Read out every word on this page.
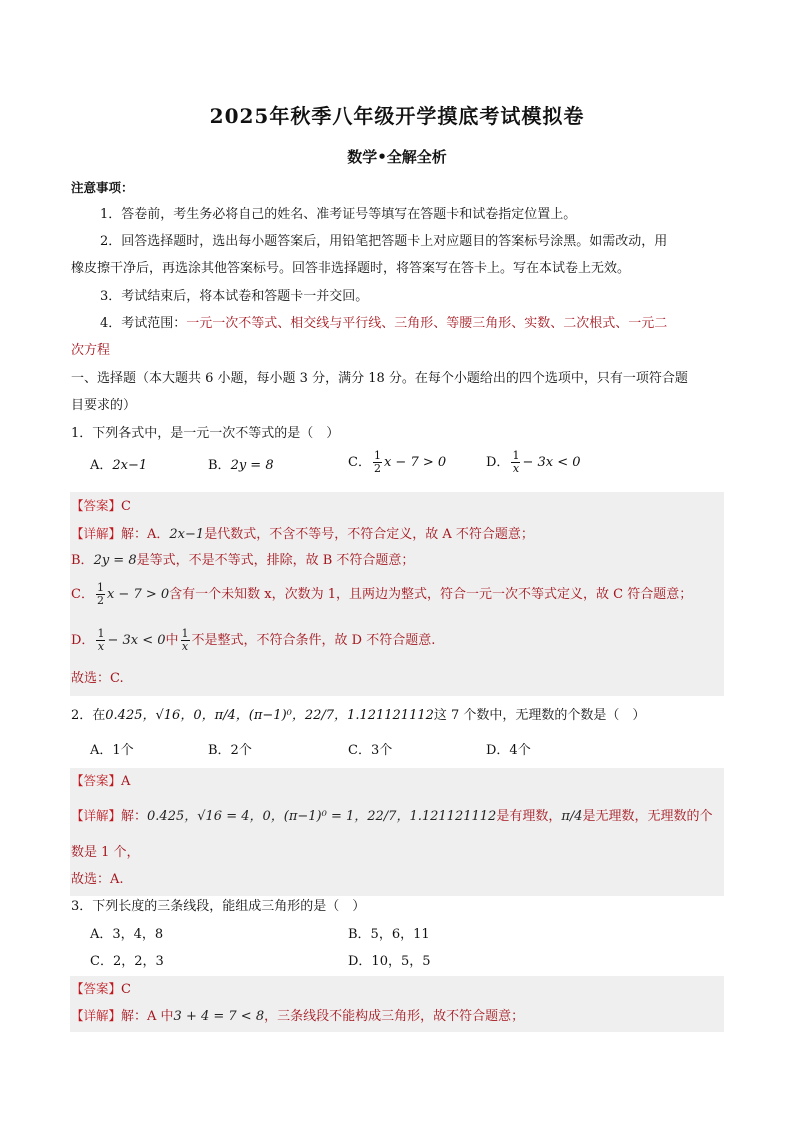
2025年秋季八年级开学摸底考试模拟卷
数学•全解全析
注意事项：
1．答卷前，考生务必将自己的姓名、准考证号等填写在答题卡和试卷指定位置上。
2．回答选择题时，选出每小题答案后，用铅笔把答题卡上对应题目的答案标号涂黑。如需改动，用
橡皮擦干净后，再选涂其他答案标号。回答非选择题时，将答案写在答卡上。写在本试卷上无效。
3．考试结束后，将本试卷和答题卡一并交回。
4．考试范围：一元一次不等式、相交线与平行线、三角形、等腰三角形、实数、二次根式、一元二
次方程
一、选择题（本大题共 6 小题，每小题 3 分，满分 18 分。在每个小题给出的四个选项中，只有一项符合题
目要求的）
1．下列各式中，是一元一次不等式的是（　）
A．2x−1	B．2y = 8	C． $\frac{1}{2}$ x − 7 > 0	D． $\frac{1}{x} - 3x < 0$
【答案】C
【详解】解：A．2x−1是代数式，不含不等号，不符合定义，故 A 不符合题意；
B．2y = 8是等式，不是不等式，排除，故 B 不符合题意；
C． $\frac{1}{2}$ x − 7 > 0含有一个未知数 x，次数为 1，且两边为整式，符合一元一次不等式定义，故 C 符合题意；
D． $\frac{1}{x} - 3x < 0$中 $\frac{1}{x}$ 不是整式，不符合条件，故 D 不符合题意.
故选：C.
2．在0.4̇25̇，√16，0，π/4，(π−1)⁰，22/7，1.121121112这 7 个数中，无理数的个数是（　）
A．1个	B．2个	C．3个	D．4个
【答案】A
【详解】解：0.4̇25̇，√16 = 4，0，(π−1)⁰ = 1，22/7，1.121121112是有理数，π/4是无理数，无理数的个
数是 1 个，
故选：A.
3．下列长度的三条线段，能组成三角形的是（　）
A．3，4，8	B．5，6，11
C．2，2，3	D．10，5，5
【答案】C
【详解】解：A 中3 + 4 = 7 < 8，三条线段不能构成三角形，故不符合题意；
